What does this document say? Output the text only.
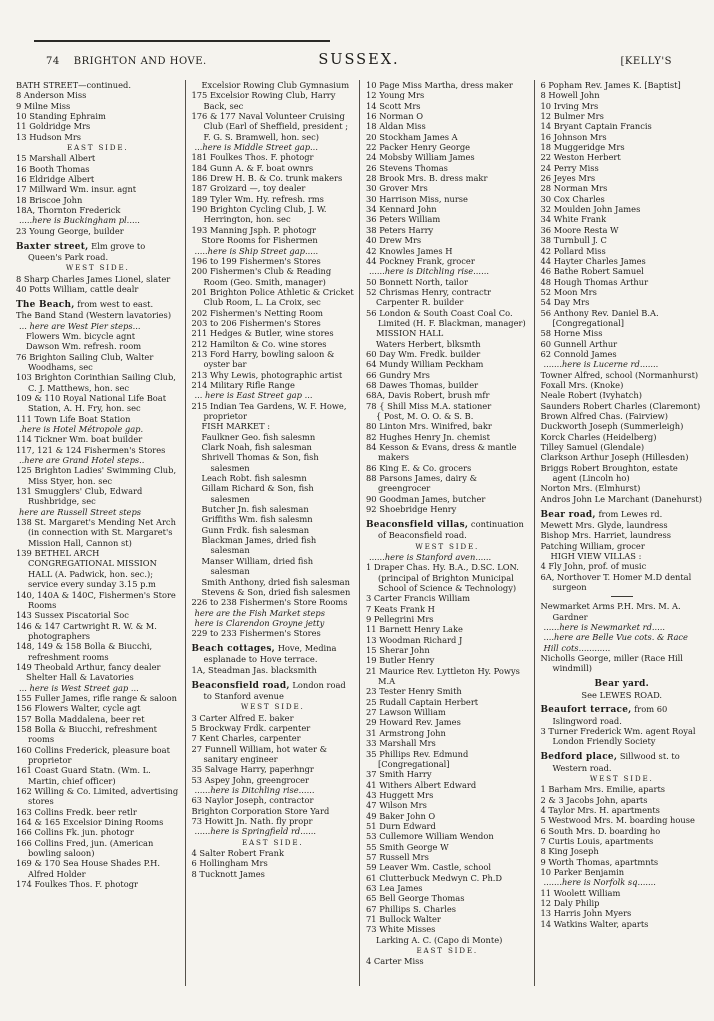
74 BRIGHTON AND HOVE.	SUSSEX.	[KELLY'S
BATH STREET—continued.
8 Anderson Miss
9 Milne Miss
10 Standing Ephraim
11 Goldridge Mrs
13 Hudson Mrs
EAST SIDE.
15 Marshall Albert
16 Booth Thomas
16 Eldridge Albert
17 Millward Wm. insur. agnt
18 Briscoe John
18A, Thornton Frederick
.....here is Buckingham pl.....
23 Young George, builder
Baxter street, Elm grove to Queen's Park road.
WEST SIDE.
8 Sharp Charles James Lionel, slater
40 Potts William, cattle dealr
The Beach, from west to east.
The Band Stand (Western lavatories)
... here are West Pier steps...
Flowers Wm. bicycle agnt
Dawson Wm. refresh. room
76 Brighton Sailing Club, Walter Woodhams, sec
103 Brighton Corinthian Sailing Club, C. J. Matthews, hon. sec
109 & 110 Royal National Life Boat Station, A. H. Fry, hon. sec
111 Town Life Boat Station
.here is Hotel Métropole gap.
114 Tickner Wm. boat builder
117, 121 & 124 Fishermen's Stores
..here are Grand Hotel steps..
125 Brighton Ladies' Swimming Club, Miss Styer, hon. sec
131 Smugglers' Club, Edward Rushbridge, sec
here are Russell Street steps
138 St. Margaret's Mending Net Arch (in connection with St. Margaret's Mission Hall, Cannon st)
139 BETHEL ARCH CONGREGATIONAL MISSION HALL (A. Padwick, hon. sec.); service every sunday 3.15 p.m
140, 140A & 140C, Fishermen's Store Rooms
143 Sussex Piscatorial Soc
146 & 147 Cartwright R. W. & M. photographers
148, 149 & 158 Bolla & Biucchi, refreshment rooms
149 Theobald Arthur, fancy dealer
Shelter Hall & Lavatories
... here is West Street gap ...
155 Fuller James, rifle range & saloon
156 Flowers Walter, cycle agt
157 Bolla Maddalena, beer ret
158 Bolla & Biucchi, refreshment rooms
160 Collins Frederick, pleasure boat proprietor
161 Coast Guard Statn. (Wm. L. Martin, chief officer)
162 Willing & Co. Limited, advertising stores
163 Collins Fredk. beer retlr
164 & 165 Excelsior Dining Rooms
166 Collins Fk. jun. photogr
166 Collins Fred, jun. (American bowling saloon)
169 & 170 Sea House Shades P.H. Alfred Holder
174 Foulkes Thos. F. photogr
Excelsior Rowing Club Gymnasium
175 Excelsior Rowing Club, Harry Back, sec
176 & 177 Naval Volunteer Cruising Club (Earl of Sheffield, president ; F. G. S. Bramwell, hon. sec)
...here is Middle Street gap...
181 Foulkes Thos. F. photogr
184 Gunn A. & F. boat ownrs
186 Drew H. B. & Co. trunk makers
187 Groizard —, toy dealer
189 Tyler Wm. Hy. refresh. rms
190 Brighton Cycling Club, J. W. Herrington, hon. sec
193 Manning Jsph. P. photogr
Store Rooms for Fishermen
.....here is Ship Street gap.....
196 to 199 Fishermen's Stores
200 Fishermen's Club & Reading Room (Geo. Smith, manager)
201 Brighton Police Athletic & Cricket Club Room, L. La Croix, sec
202 Fishermen's Netting Room
203 to 206 Fishermen's Stores
211 Hedges & Butler, wine stores
212 Hamilton & Co. wine stores
213 Ford Harry, bowling saloon & oyster bar
213 Why Lewis, photographic artist
214 Military Rifle Range
... here is East Street gap ...
215 Indian Tea Gardens, W. F. Howe, proprietor
FISH MARKET :
Faulkner Geo. fish salesmn
Clark Noah, fish salesman
Shrivell Thomas & Son, fish salesmen
Leach Robt. fish salesmn
Gillam Richard & Son, fish salesmen
Butcher Jn. fish salesman
Griffiths Wm. fish salesmn
Gunn Frdk. fish salesman
Blackman James, dried fish salesman
Manser William, dried fish salesman
Smith Anthony, dried fish salesman
Stevens & Son, dried fish salesmen
226 to 238 Fishermen's Store Rooms
here are the Fish Market steps
here is Clarendon Groyne jetty
229 to 233 Fishermen's Stores
Beach cottages, Hove, Medina esplanade to Hove terrace.
1A, Steadman Jas. blacksmith
Beaconsfield road, London road to Stanford avenue
WEST SIDE.
3 Carter Alfred E. baker
5 Brockway Frdk. carpenter
7 Kent Charles, carpenter
27 Funnell William, hot water & sanitary engineer
35 Salvage Harry, paperhngr
53 Aspey John, greengrocer
......here is Ditchling rise......
63 Naylor Joseph, contractor
Brighton Corporation Store Yard
73 Howitt Jn. Nath. fly propr
......here is Springfield rd......
EAST SIDE.
4 Salter Robert Frank
6 Hollingham Mrs
8 Tucknott James
10 Page Miss Martha, dress maker
12 Young Mrs
14 Scott Mrs
16 Norman O
18 Aldan Miss
20 Stockham James A
22 Packer Henry George
24 Mobsby William James
26 Stevens Thomas
28 Brook Mrs. B. dress makr
30 Grover Mrs
30 Harrison Miss, nurse
34 Kennard John
36 Peters William
38 Peters Harry
40 Drew Mrs
42 Knowles James H
44 Pockney Frank, grocer
......here is Ditchling rise......
50 Bonnett North, tailor
52 Chrismas Henry, contractr
Carpenter R. builder
56 London & South Coast Coal Co. Limited (H. F. Blackman, manager)
MISSION HALL
Waters Herbert, blksmth
60 Day Wm. Fredk. builder
64 Mundy William Peckham
66 Gundry Mrs
68 Dawes Thomas, builder
68A, Davis Robert, brush mfr
78 { Shill Miss M.A. stationer
{ Post, M. O. O. & S. B.
80 Linton Mrs. Winifred, bakr
82 Hughes Henry Jn. chemist
84 Kesson & Evans, dress & mantle makers
86 King E. & Co. grocers
88 Parsons James, dairy & greengrocer
90 Goodman James, butcher
92 Shoebridge Henry
Beaconsfield villas, continuation of Beaconsfield road.
WEST SIDE.
......here is Stanford aven......
1 Draper Chas. Hy. B.A., D.SC. LON. (principal of Brighton Municipal School of Science & Technology)
3 Carter Francis William
7 Keats Frank H
9 Pellegrini Mrs
11 Barnett Henry Lake
13 Woodman Richard J
15 Sherar John
19 Butler Henry
21 Maurice Rev. Lyttleton Hy. Powys M.A
23 Tester Henry Smith
25 Rudall Captain Herbert
27 Lawson William
29 Howard Rev. James
31 Armstrong John
33 Marshall Mrs
35 Phillips Rev. Edmund [Congregational]
37 Smith Harry
41 Withers Albert Edward
43 Huggett Mrs
47 Wilson Mrs
49 Baker John O
51 Durn Edward
53 Cullemore William Wendon
55 Smith George W
57 Russell Mrs
59 Leaver Wm. Castle, school
61 Clutterbuck Medwyn C. Ph.D
63 Lea James
65 Bell George Thomas
67 Phillips S. Charles
71 Bullock Walter
73 White Misses
Larking A. C. (Capo di Monte)
EAST SIDE.
4 Carter Miss
6 Popham Rev. James K. [Baptist]
8 Howell John
10 Irving Mrs
12 Bulmer Mrs
14 Bryant Captain Francis
16 Johnson Mrs
18 Muggeridge Mrs
22 Weston Herbert
24 Perry Miss
26 Jeyes Mrs
28 Norman Mrs
30 Cox Charles
32 Moulden John James
34 White Frank
36 Moore Resta W
38 Turnbull J. C
42 Pollard Miss
44 Hayter Charles James
46 Bathe Robert Samuel
48 Hough Thomas Arthur
52 Moon Mrs
54 Day Mrs
56 Anthony Rev. Daniel B.A. [Congregational]
58 Horne Miss
60 Gunnell Arthur
62 Connold James
.......here is Lucerne rd.......
Towner Alfred, school (Normanhurst)
Foxall Mrs. (Knoke)
Neale Robert (Ivyhatch)
Saunders Robert Charles (Claremont)
Brown Alfred Chas. (Fairview)
Duckworth Joseph (Summerleigh)
Korck Charles (Heidelberg)
Tilley Samuel (Glendale)
Clarkson Arthur Joseph (Hillesden)
Briggs Robert Broughton, estate agent (Lincoln ho)
Norton Mrs. (Elmhurst)
Andros John Le Marchant (Danehurst)
Bear road, from Lewes rd.
Mewett Mrs. Glyde, laundress
Bishop Mrs. Harriet, laundress
Patching William, grocer
HIGH VIEW VILLAS :
4 Fly John, prof. of music
6A, Northover T. Homer M.D dental surgeon
Newmarket Arms P.H. Mrs. M. A. Gardner
......here is Newmarket rd.....
....here are Belle Vue cots. & Race Hill cots............
Nicholls George, miller (Race Hill windmill)
Bear yard.
See LEWES ROAD.
Beaufort terrace, from 60 Islingword road.
3 Turner Frederick Wm. agent Royal London Friendly Society
Bedford place, Sillwood st. to Western road.
WEST SIDE.
1 Barham Mrs. Emilie, aparts
2 & 3 Jacobs John, aparts
4 Taylor Mrs. H. apartments
5 Westwood Mrs. M. boarding house
6 South Mrs. D. boarding ho
7 Curtis Louis, apartments
8 King Joseph
9 Worth Thomas, apartmnts
10 Parker Benjamin
.......here is Norfolk sq.......
11 Woolett William
12 Daly Philip
13 Harris John Myers
14 Watkins Walter, aparts
